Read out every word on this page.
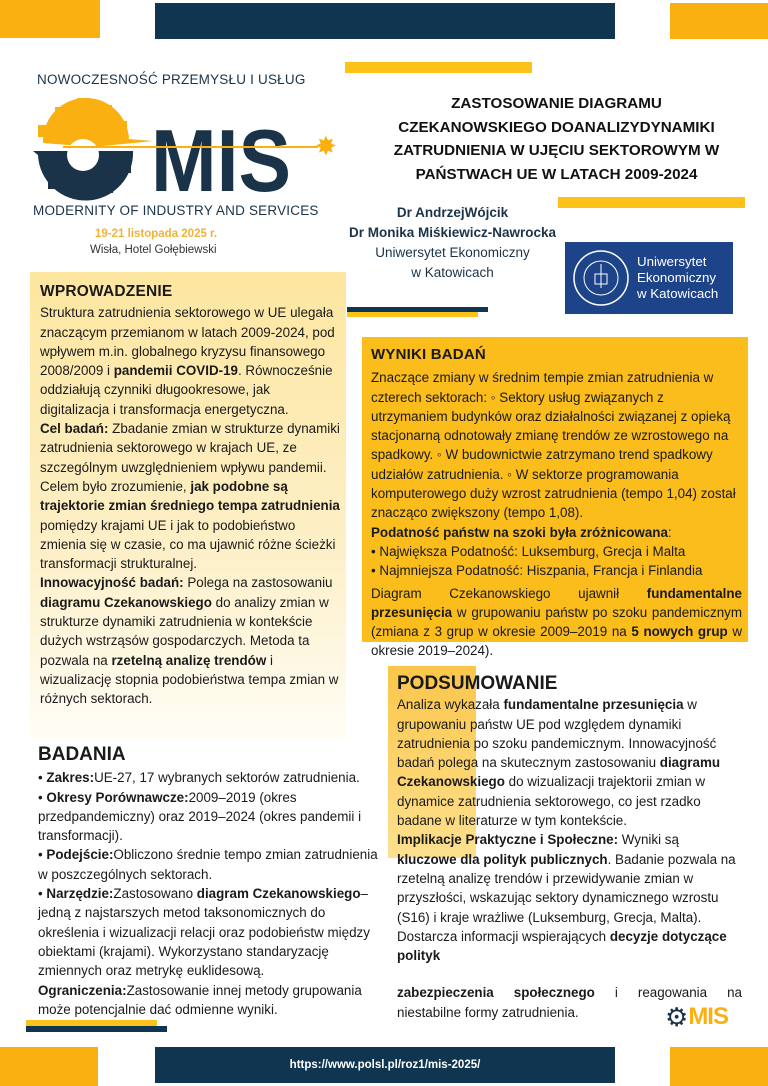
NOWOCZESNOŚĆ PRZEMYSŁU I USŁUG
MIS ✸
MODERNITY OF INDUSTRY AND SERVICES
19-21 listopada 2025 r.
Wisła, Hotel Gołębiewski
ZASTOSOWANIE DIAGRAMU
CZEKANOWSKIEGO DOANALIZYDYNAMIKI
ZATRUDNIENIA W UJĘCIU SEKTOROWYM W
PAŃSTWACH UE W LATACH 2009-2024
Dr AndrzejWójcik
Dr Monika Miśkiewicz-Nawrocka
Uniwersytet Ekonomiczny
w Katowicach
Uniwersytet
Ekonomiczny
w Katowicach
WPROWADZENIE

Struktura zatrudnienia sektorowego w UE ulegała znaczącym przemianom w latach 2009-2024, pod wpływem m.in. globalnego kryzysu finansowego 2008/2009 i pandemii COVID-19. Równocześnie oddziałują czynniki długookresowe, jak digitalizacja i transformacja energetyczna.

Cel badań: Zbadanie zmian w strukturze dynamiki zatrudnienia sektorowego w krajach UE, ze szczególnym uwzględnieniem wpływu pandemii. Celem było zrozumienie, jak podobne są trajektorie zmian średniego tempa zatrudnienia pomiędzy krajami UE i jak to podobieństwo zmienia się w czasie, co ma ujawnić różne ścieżki transformacji strukturalnej.

Innowacyjność badań: Polega na zastosowaniu diagramu Czekanowskiego do analizy zmian w strukturze dynamiki zatrudnienia w kontekście dużych wstrząsów gospodarczych. Metoda ta pozwala na rzetelną analizę trendów i wizualizację stopnia podobieństwa tempa zmian w różnych sektorach.

WYNIKI BADAŃ

Znaczące zmiany w średnim tempie zmian zatrudnienia w czterech sektorach: ◦ Sektory usług związanych z utrzymaniem budynków oraz działalności związanej z opieką stacjonarną odnotowały zmianę trendów ze wzrostowego na spadkowy. ◦ W budownictwie zatrzymano trend spadkowy udziałów zatrudnienia. ◦ W sektorze programowania komputerowego duży wzrost zatrudnienia (tempo 1,04) został znacząco zwiększony (tempo 1,08).

Podatność państw na szoki była zróżnicowana:

• Największa Podatność: Luksemburg, Grecja i Malta
• Najmniejsza Podatność: Hiszpania, Francja i Finlandia

Diagram Czekanowskiego ujawnił fundamentalne przesunięcia w grupowaniu państw po szoku pandemicznym (zmiana z 3 grup w okresie 2009–2019 na 5 nowych grup w okresie 2019–2024).

BADANIA

• Zakres:UE-27, 17 wybranych sektorów zatrudnienia.

• Okresy Porównawcze:2009–2019 (okres przedpandemiczny) oraz 2019–2024 (okres pandemii i transformacji).

• Podejście:Obliczono średnie tempo zmian zatrudnienia w poszczególnych sektorach.

• Narzędzie:Zastosowano diagram Czekanowskiego– jedną z najstarszych metod taksonomicznych do określenia i wizualizacji relacji oraz podobieństw między obiektami (krajami). Wykorzystano standaryzację zmiennych oraz metrykę euklidesową.

Ograniczenia:Zastosowanie innej metody grupowania może potencjalnie dać odmienne wyniki.

PODSUMOWANIE

Analiza wykazała fundamentalne przesunięcia w grupowaniu państw UE pod względem dynamiki zatrudnienia po szoku pandemicznym. Innowacyjność badań polega na skutecznym zastosowaniu diagramu Czekanowskiego do wizualizacji trajektorii zmian w dynamice zatrudnienia sektorowego, co jest rzadko badane w literaturze w tym kontekście.

Implikacje Praktyczne i Społeczne: Wyniki są kluczowe dla polityk publicznych. Badanie pozwala na rzetelną analizę trendów i przewidywanie zmian w przyszłości, wskazując sektory dynamicznego wzrostu (S16) i kraje wrażliwe (Luksemburg, Grecja, Malta). Dostarcza informacji wspierających decyzje dotyczące polityk

zabezpieczenia społecznego i reagowania na niestabilne formy zatrudnienia.	⚙ MIS
https://www.polsl.pl/roz1/mis-2025/
